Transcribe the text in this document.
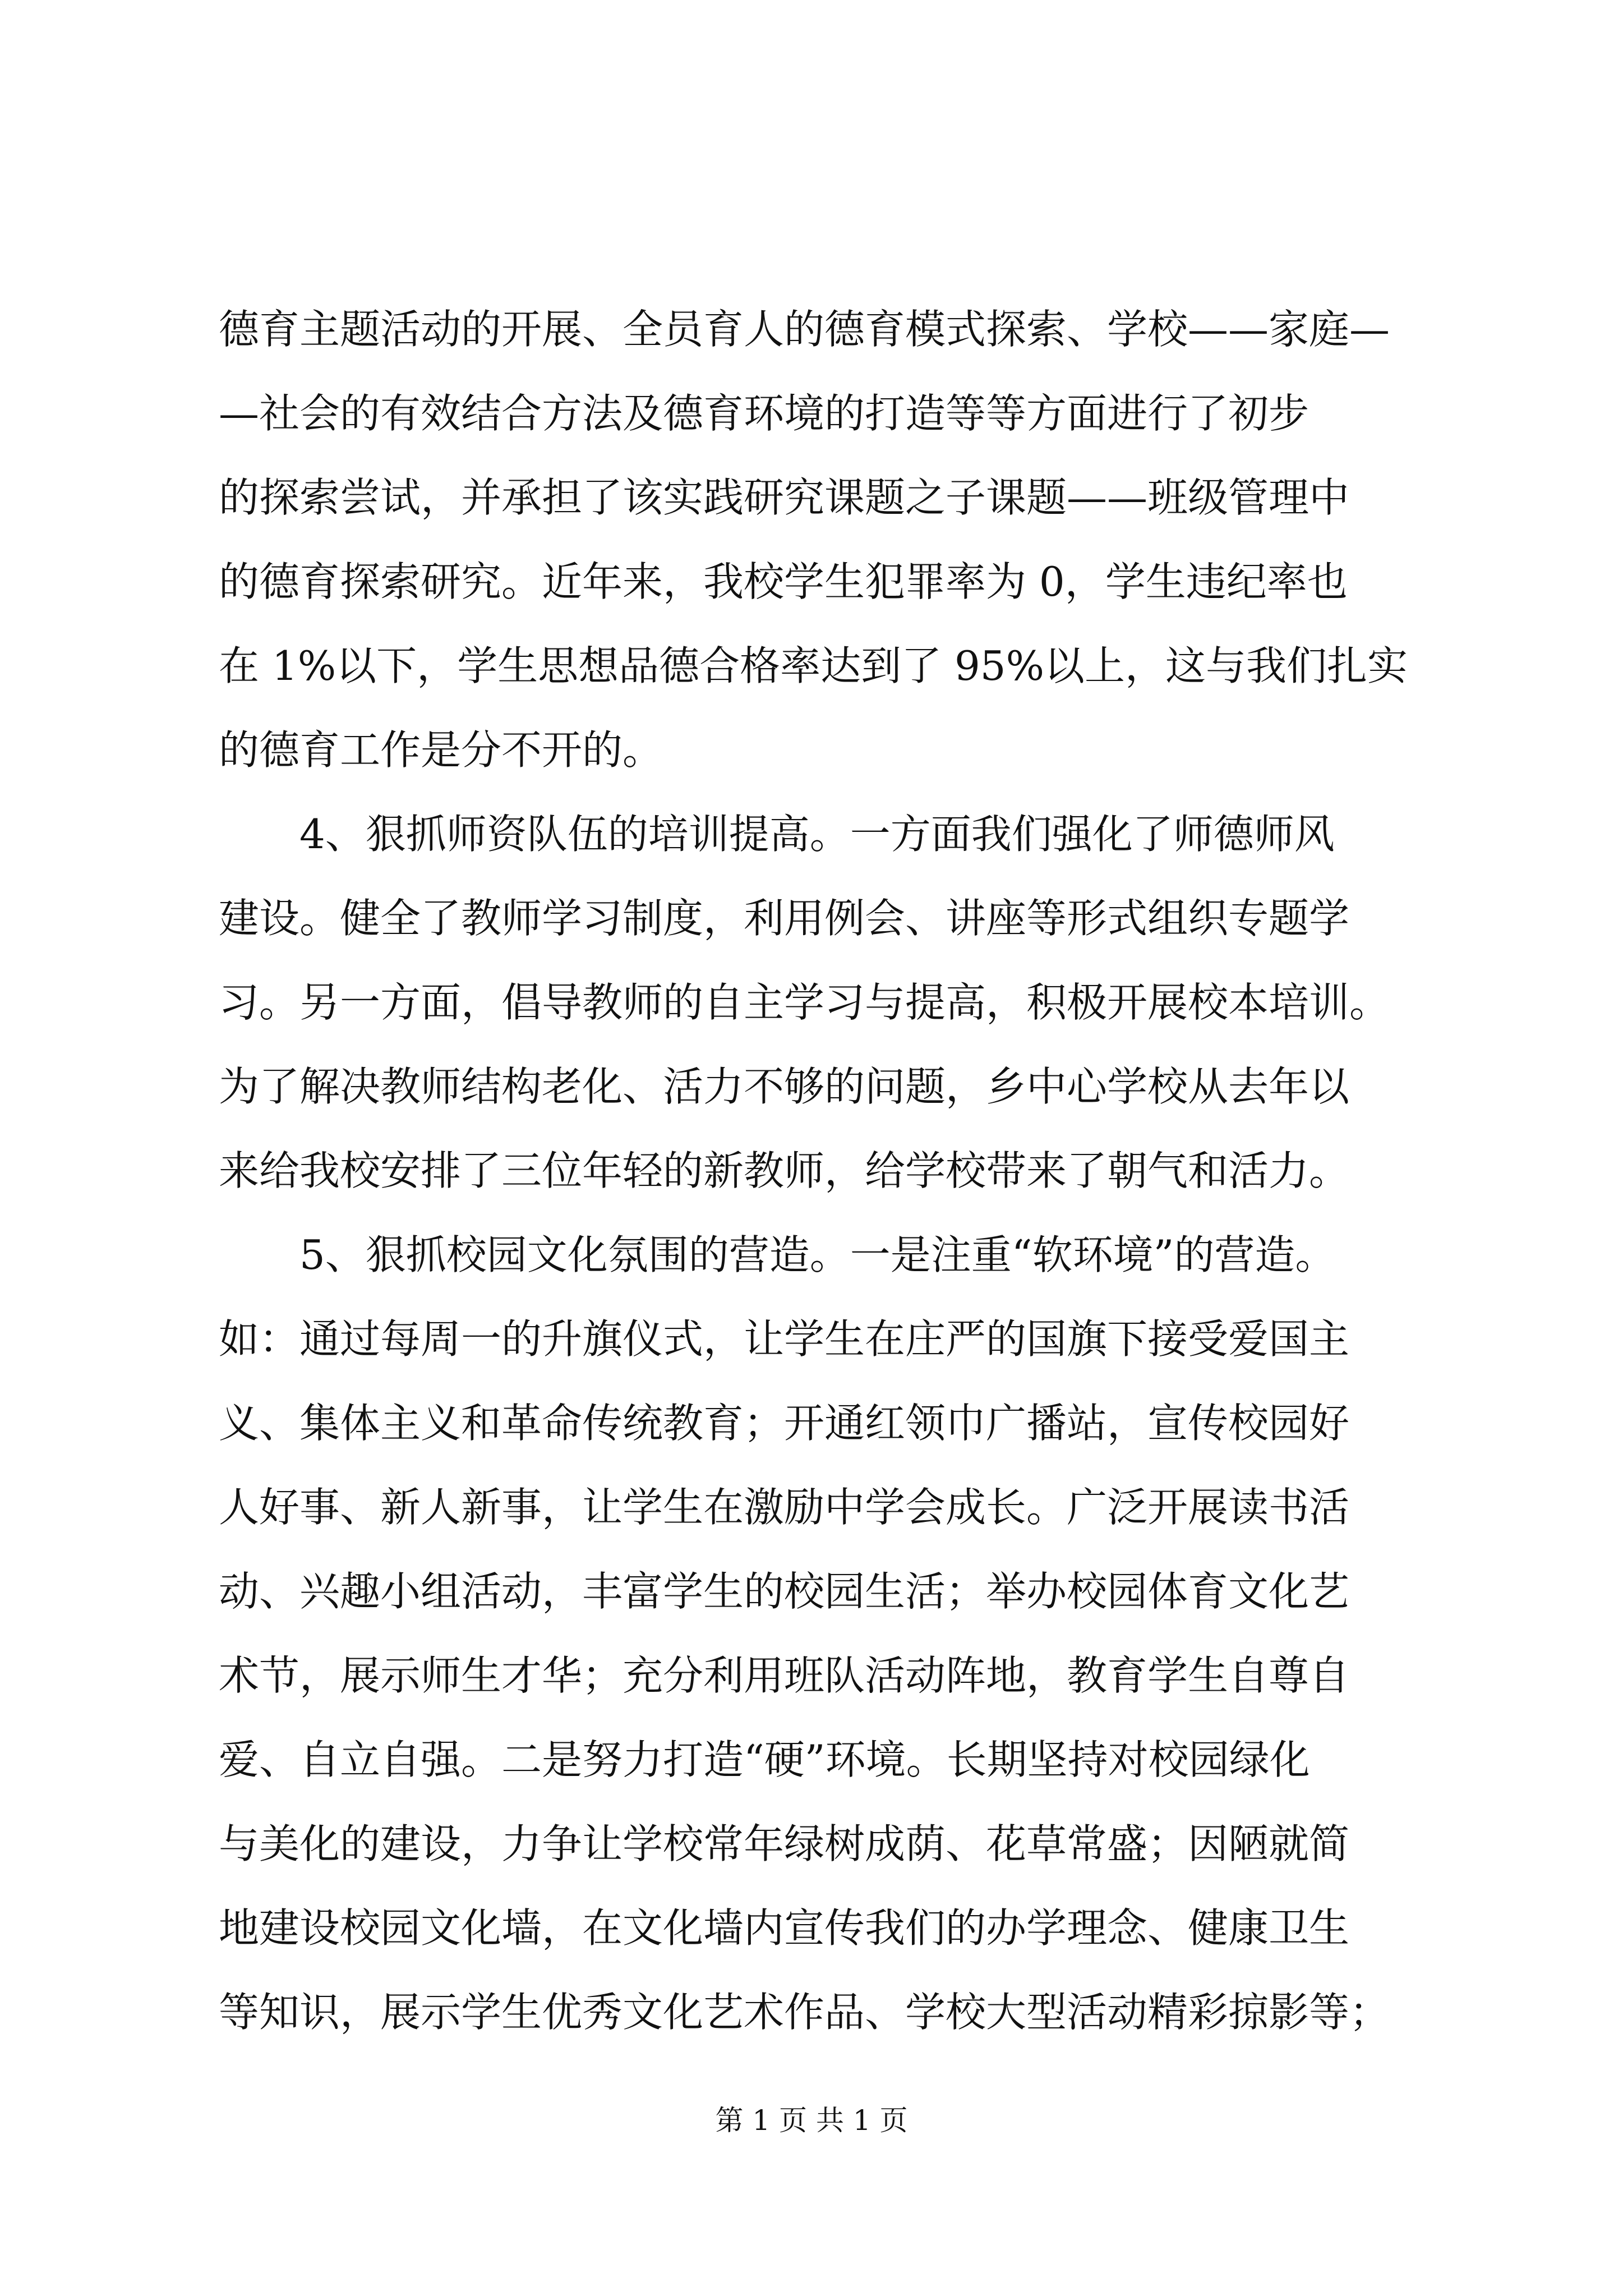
德育主题活动的开展、全员育人的德育模式探索、学校——家庭—
—社会的有效结合方法及德育环境的打造等等方面进行了初步
的探索尝试，并承担了该实践研究课题之子课题——班级管理中
的德育探索研究。近年来，我校学生犯罪率为 0，学生违纪率也
在 1%以下，学生思想品德合格率达到了 95%以上，这与我们扎实
的德育工作是分不开的。
4、狠抓师资队伍的培训提高。一方面我们强化了师德师风
建设。健全了教师学习制度，利用例会、讲座等形式组织专题学
习。另一方面，倡导教师的自主学习与提高，积极开展校本培训。
为了解决教师结构老化、活力不够的问题，乡中心学校从去年以
来给我校安排了三位年轻的新教师，给学校带来了朝气和活力。
5、狠抓校园文化氛围的营造。一是注重“软环境”的营造。
如：通过每周一的升旗仪式，让学生在庄严的国旗下接受爱国主
义、集体主义和革命传统教育；开通红领巾广播站，宣传校园好
人好事、新人新事，让学生在激励中学会成长。广泛开展读书活
动、兴趣小组活动，丰富学生的校园生活；举办校园体育文化艺
术节，展示师生才华；充分利用班队活动阵地，教育学生自尊自
爱、自立自强。二是努力打造“硬”环境。长期坚持对校园绿化
与美化的建设，力争让学校常年绿树成荫、花草常盛；因陋就简
地建设校园文化墙，在文化墙内宣传我们的办学理念、健康卫生
等知识，展示学生优秀文化艺术作品、学校大型活动精彩掠影等；
第 1 页 共 1 页
